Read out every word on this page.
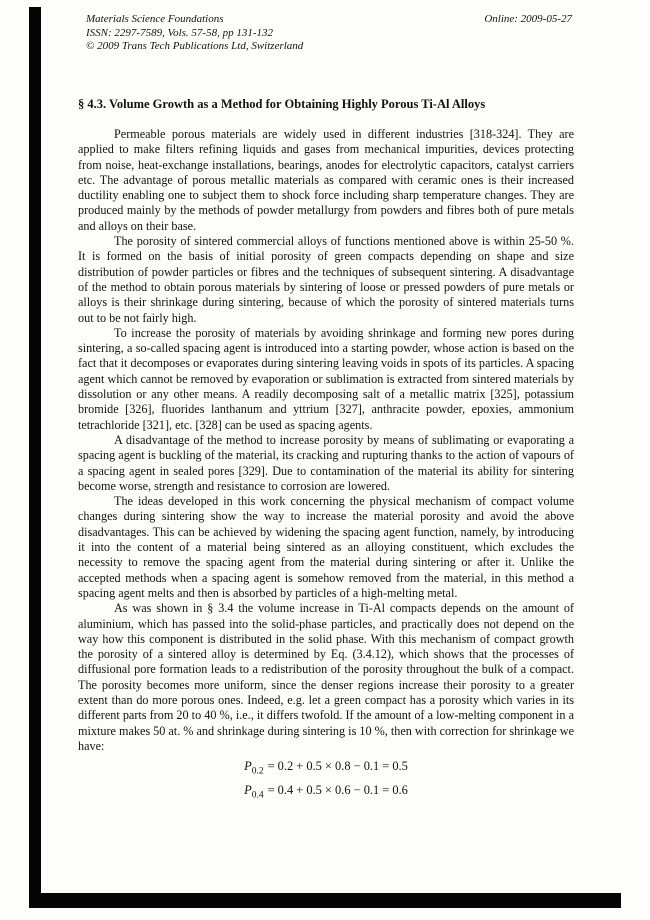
Materials Science Foundations
ISSN: 2297-7589, Vols. 57-58, pp 131-132
© 2009 Trans Tech Publications Ltd, Switzerland
Online: 2009-05-27
§ 4.3. Volume Growth as a Method for Obtaining Highly Porous Ti-Al Alloys

Permeable porous materials are widely used in different industries [318-324]. They are applied to make filters refining liquids and gases from mechanical impurities, devices protecting from noise, heat-exchange installations, bearings, anodes for electrolytic capacitors, catalyst carriers etc. The advantage of porous metallic materials as compared with ceramic ones is their increased ductility enabling one to subject them to shock force including sharp temperature changes. They are produced mainly by the methods of powder metallurgy from powders and fibres both of pure metals and alloys on their base.

The porosity of sintered commercial alloys of functions mentioned above is within 25-50 %. It is formed on the basis of initial porosity of green compacts depending on shape and size distribution of powder particles or fibres and the techniques of subsequent sintering. A disadvantage of the method to obtain porous materials by sintering of loose or pressed powders of pure metals or alloys is their shrinkage during sintering, because of which the porosity of sintered materials turns out to be not fairly high.

To increase the porosity of materials by avoiding shrinkage and forming new pores during sintering, a so-called spacing agent is introduced into a starting powder, whose action is based on the fact that it decomposes or evaporates during sintering leaving voids in spots of its particles. A spacing agent which cannot be removed by evaporation or sublimation is extracted from sintered materials by dissolution or any other means. A readily decomposing salt of a metallic matrix [325], potassium bromide [326], fluorides lanthanum and yttrium [327], anthracite powder, epoxies, ammonium tetrachloride [321], etc. [328] can be used as spacing agents.

A disadvantage of the method to increase porosity by means of sublimating or evaporating a spacing agent is buckling of the material, its cracking and rupturing thanks to the action of vapours of a spacing agent in sealed pores [329]. Due to contamination of the material its ability for sintering become worse, strength and resistance to corrosion are lowered.

The ideas developed in this work concerning the physical mechanism of compact volume changes during sintering show the way to increase the material porosity and avoid the above disadvantages. This can be achieved by widening the spacing agent function, namely, by introducing it into the content of a material being sintered as an alloying constituent, which excludes the necessity to remove the spacing agent from the material during sintering or after it. Unlike the accepted methods when a spacing agent is somehow removed from the material, in this method a spacing agent melts and then is absorbed by particles of a high-melting metal.

As was shown in § 3.4 the volume increase in Ti-Al compacts depends on the amount of aluminium, which has passed into the solid-phase particles, and practically does not depend on the way how this component is distributed in the solid phase. With this mechanism of compact growth the porosity of a sintered alloy is determined by Eq. (3.4.12), which shows that the processes of diffusional pore formation leads to a redistribution of the porosity throughout the bulk of a compact. The porosity becomes more uniform, since the denser regions increase their porosity to a greater extent than do more porous ones. Indeed, e.g. let a green compact has a porosity which varies in its different parts from 20 to 40 %, i.e., it differs twofold. If the amount of a low-melting component in a mixture makes 50 at. % and shrinkage during sintering is 10 %, then with correction for shrinkage we have:

$P_{0.2} = 0.2 + 0.5 \times 0.8 - 0.1 = 0.5$
$P_{0.4} = 0.4 + 0.5 \times 0.6 - 0.1 = 0.6$
